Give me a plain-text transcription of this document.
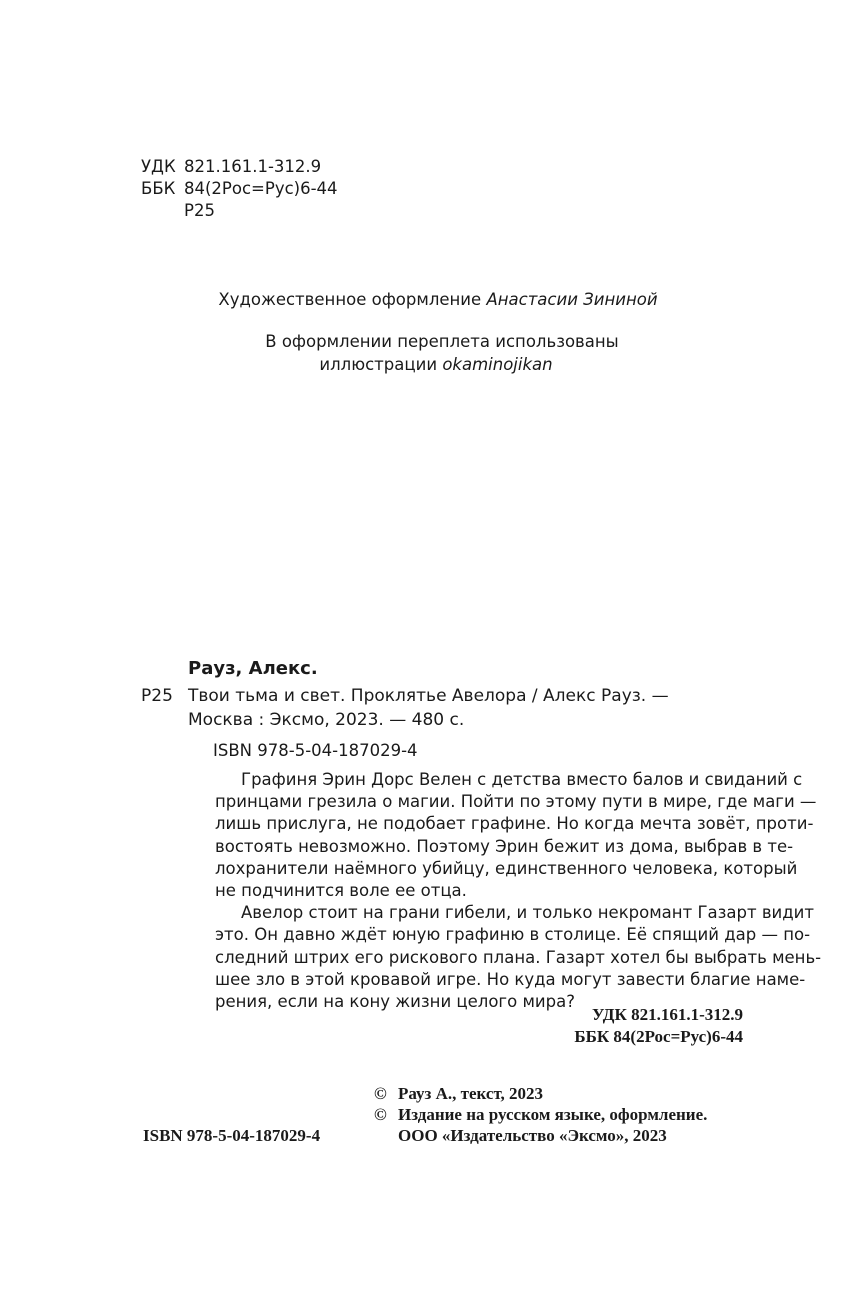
УДК 821.161.1-312.9
ББК 84(2Рос=Рус)6-44
Р25
Художественное оформление Анастасии Зининой
В оформлении переплета использованы
иллюстрации okaminojikan
Рауз, Алекс.
Р25 Твои тьма и свет. Проклятье Авелора / Алекс Рауз. —
Москва : Эксмо, 2023. — 480 с.
ISBN 978-5-04-187029-4
Графиня Эрин Дорс Велен с детства вместо балов и свиданий с
принцами грезила о магии. Пойти по этому пути в мире, где маги —
лишь прислуга, не подобает графине. Но когда мечта зовёт, проти-
востоять невозможно. Поэтому Эрин бежит из дома, выбрав в те-
лохранители наёмного убийцу, единственного человека, который
не подчинится воле ее отца.
Авелор стоит на грани гибели, и только некромант Газарт видит
это. Он давно ждёт юную графиню в столице. Её спящий дар — по-
следний штрих его рискового плана. Газарт хотел бы выбрать мень-
шее зло в этой кровавой игре. Но куда могут завести благие наме-
рения, если на кону жизни целого мира?
УДК 821.161.1-312.9
ББК 84(2Рос=Рус)6-44
© Рауз А., текст, 2023
© Издание на русском языке, оформление.
ООО «Издательство «Эксмо», 2023
ISBN 978-5-04-187029-4
